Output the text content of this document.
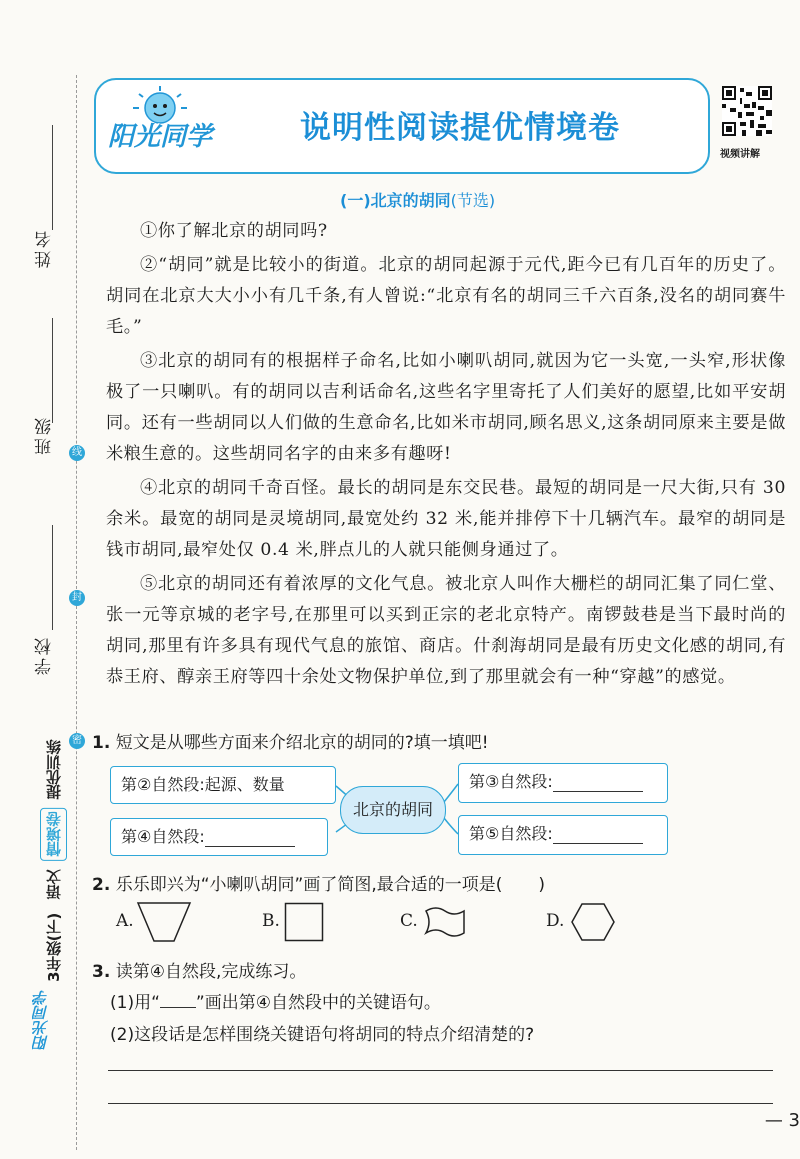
姓名
班级
学校
线
封
密
3年级(下) 语文 情境卷 提优训练
阳光同学
阳光同学	说明性阅读提优情境卷
视频讲解
(一)北京的胡同(节选)

①你了解北京的胡同吗?

②“胡同”就是比较小的街道。北京的胡同起源于元代,距今已有几百年的历史了。胡同在北京大大小小有几千条,有人曾说:“北京有名的胡同三千六百条,没名的胡同赛牛毛。”

③北京的胡同有的根据样子命名,比如小喇叭胡同,就因为它一头宽,一头窄,形状像极了一只喇叭。有的胡同以吉利话命名,这些名字里寄托了人们美好的愿望,比如平安胡同。还有一些胡同以人们做的生意命名,比如米市胡同,顾名思义,这条胡同原来主要是做米粮生意的。这些胡同名字的由来多有趣呀!

④北京的胡同千奇百怪。最长的胡同是东交民巷。最短的胡同是一尺大街,只有 30 余米。最宽的胡同是灵境胡同,最宽处约 32 米,能并排停下十几辆汽车。最窄的胡同是钱市胡同,最窄处仅 0.4 米,胖点儿的人就只能侧身通过了。

⑤北京的胡同还有着浓厚的文化气息。被北京人叫作大栅栏的胡同汇集了同仁堂、张一元等京城的老字号,在那里可以买到正宗的老北京特产。南锣鼓巷是当下最时尚的胡同,那里有许多具有现代气息的旅馆、商店。什刹海胡同是最有历史文化感的胡同,有恭王府、醇亲王府等四十余处文物保护单位,到了那里就会有一种“穿越”的感觉。

1. 短文是从哪些方面来介绍北京的胡同的?填一填吧!
第②自然段:起源、数量
第④自然段:
北京的胡同
第③自然段:
第⑤自然段:
2. 乐乐即兴为“小喇叭胡同”画了简图,最合适的一项是( )
A.	B.	C.	D.
3. 读第④自然段,完成练习。
(1)用“ ”画出第④自然段中的关键语句。
(2)这段话是怎样围绕关键语句将胡同的特点介绍清楚的?
— 3
